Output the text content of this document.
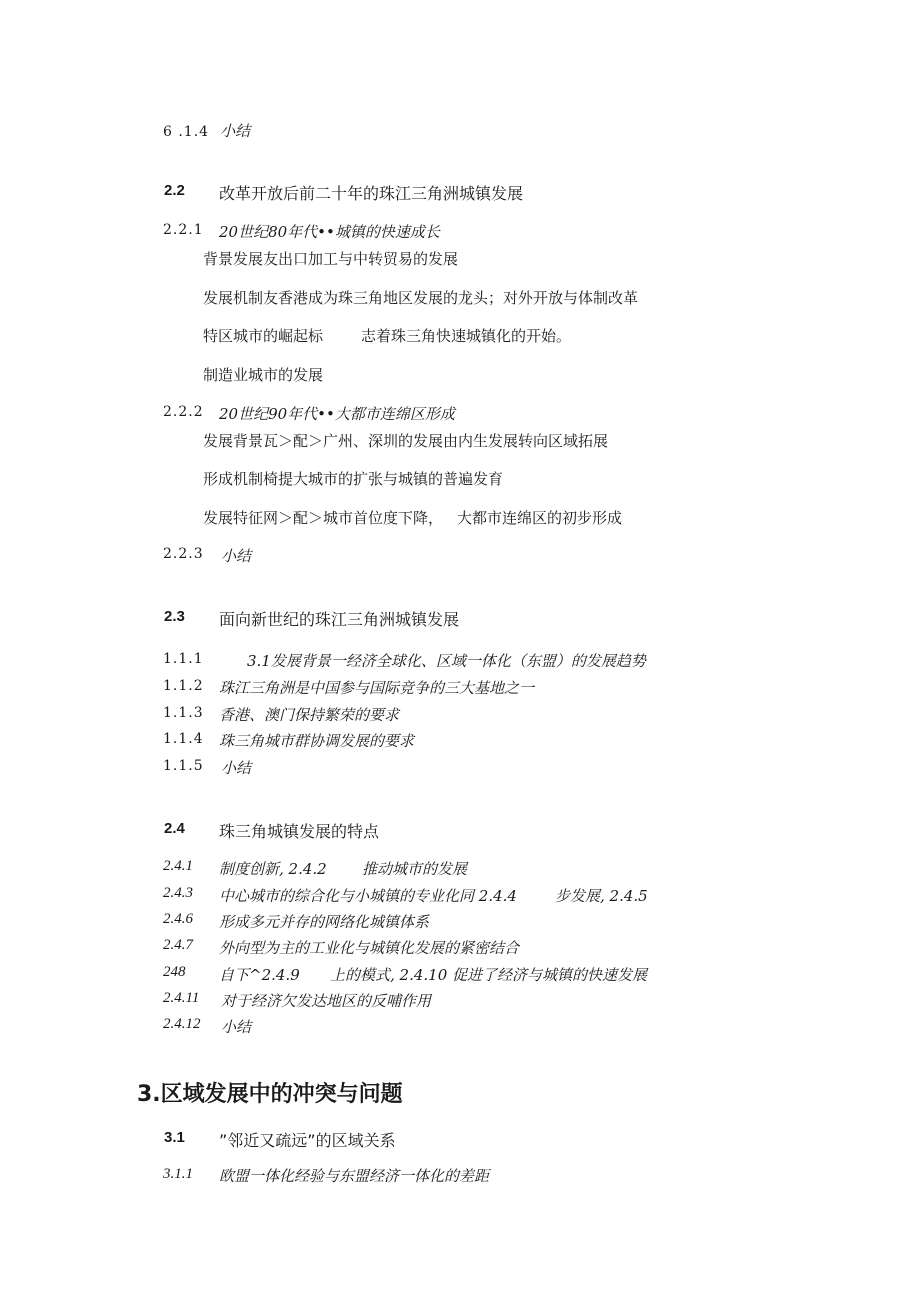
6 .1.4 小结
2.2 改革开放后前二十年的珠江三角洲城镇发展
2.2.1 20世纪80年代••城镇的快速成长
背景发展友出口加工与中转贸易的发展
发展机制友香港成为珠三角地区发展的龙头；对外开放与体制改革
特区城市的崛起标	志着珠三角快速城镇化的开始。
制造业城市的发展
2.2.2 20世纪90年代••大都市连绵区形成
发展背景瓦＞配＞广州、深圳的发展由内生发展转向区域拓展
形成机制椅提大城市的扩张与城镇的普遍发育
发展特征网＞配＞城市首位度下降， 大都市连绵区的初步形成
2.2.3 小结
2.3 面向新世纪的珠江三角洲城镇发展
1.1.1	3.1发展背景一经济全球化、区域一体化（东盟）的发展趋势
1.1.2 珠江三角洲是中国参与国际竞争的三大基地之一
1.1.3 香港、澳门保持繁荣的要求
1.1.4 珠三角城市群协调发展的要求
1.1.5 小结
2.4 珠三角城镇发展的特点
2.4.1 制度创新, 2.4.2 推动城市的发展
2.4.3 中心城市的综合化与小城镇的专业化同 2.4.4	步发展, 2.4.5
2.4.6 形成多元并存的网络化城镇体系
2.4.7 外向型为主的工业化与城镇化发展的紧密结合
248 自下^2.4.9 上的模式, 2.4.10 促进了经济与城镇的快速发展
2.4.11 对于经济欠发达地区的反哺作用
2.4.12 小结
3.区域发展中的冲突与问题
3.1 ”邻近又疏远”的区域关系
3.1.1 欧盟一体化经验与东盟经济一体化的差距
